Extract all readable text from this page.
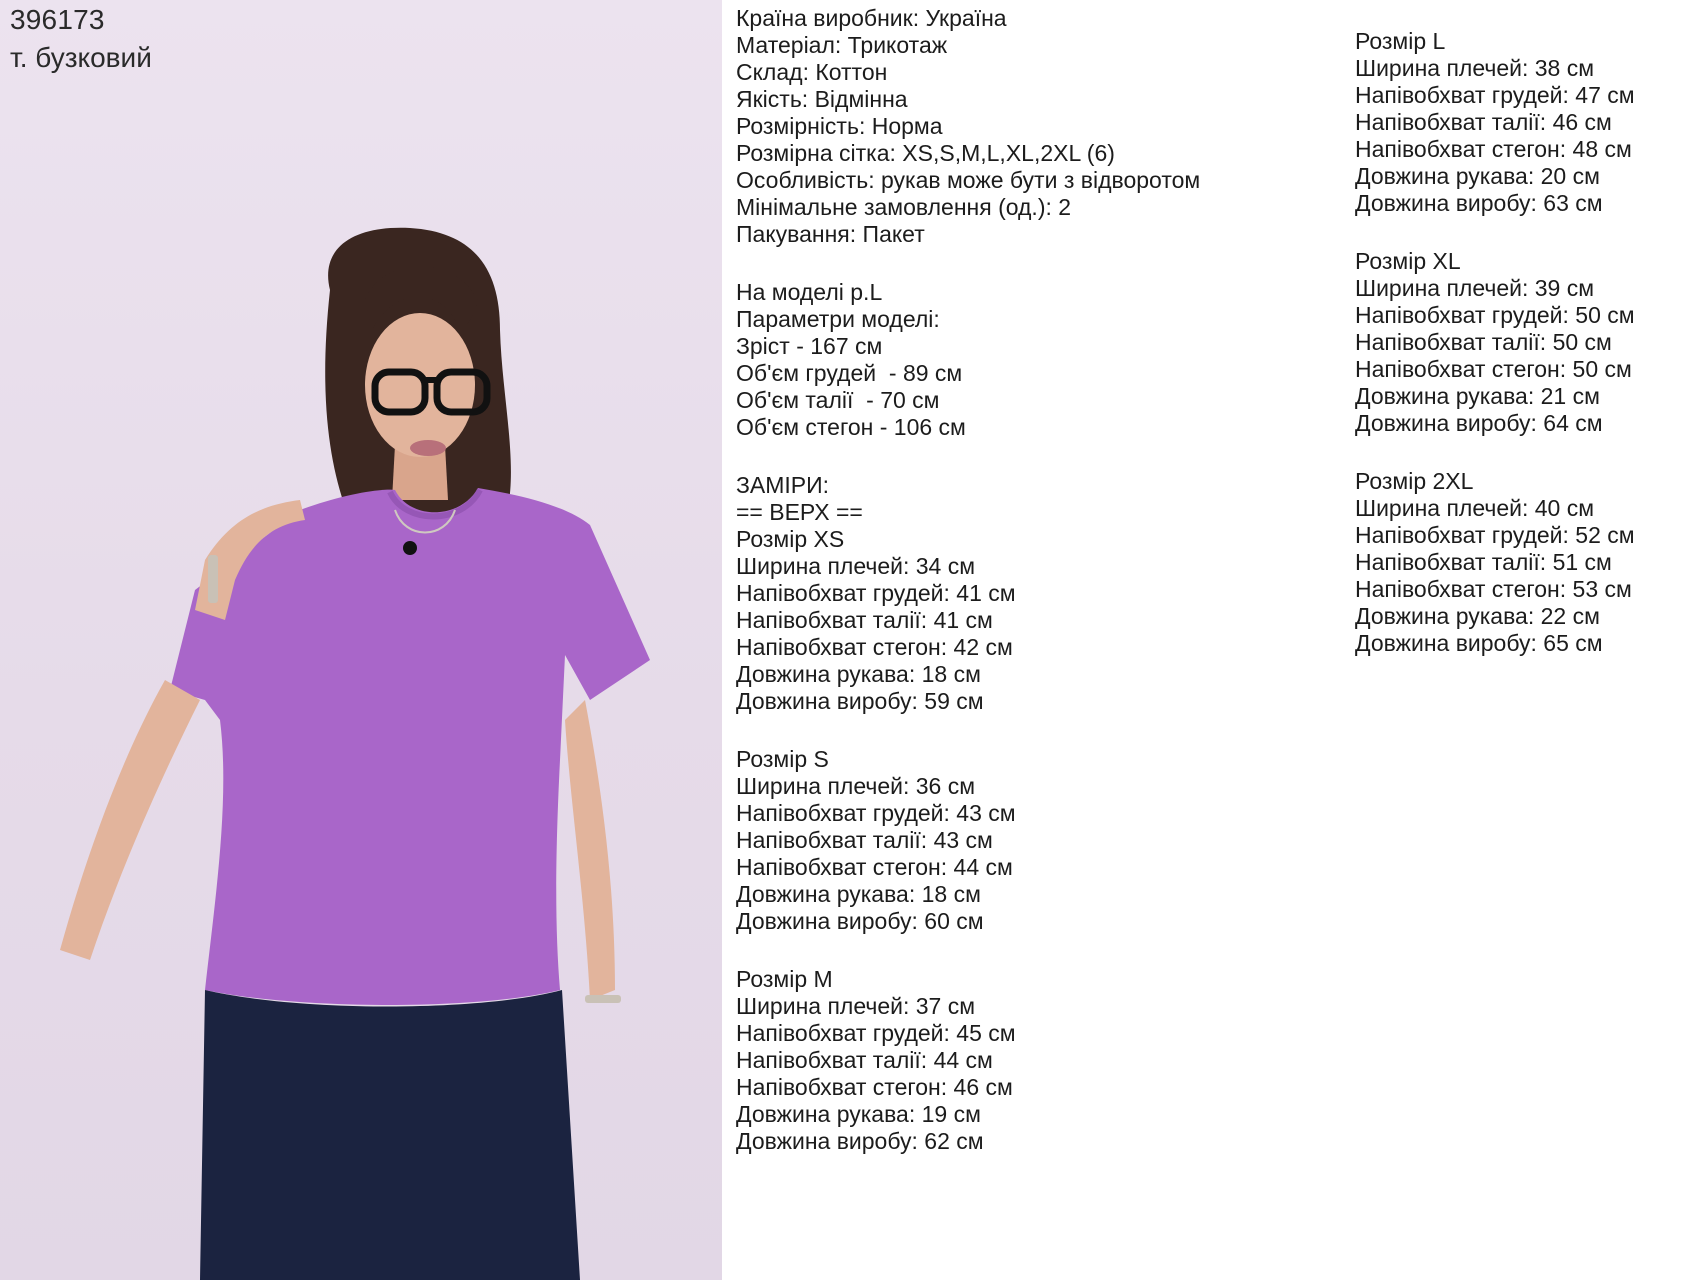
396173
т. бузковий
Країна виробник: Україна
Матеріал: Трикотаж
Склад: Коттон
Якість: Відмінна
Розмірність: Норма
Розмірна сітка: XS,S,M,L,XL,2XL (6)
Особливість: рукав може бути з відворотом
Мінімальне замовлення (од.): 2
Пакування: Пакет
На моделі р.L
Параметри моделі:
Зріст - 167 см
Об'єм грудей  - 89 см
Об'єм талії  - 70 см
Об'єм стегон - 106 см
ЗАМІРИ:
== ВЕРХ ==
Розмір XS
Ширина плечей: 34 см
Напівобхват грудей: 41 см
Напівобхват талії: 41 см
Напівобхват стегон: 42 см
Довжина рукава: 18 см
Довжина виробу: 59 см
Розмір S
Ширина плечей: 36 см
Напівобхват грудей: 43 см
Напівобхват талії: 43 см
Напівобхват стегон: 44 см
Довжина рукава: 18 см
Довжина виробу: 60 см
Розмір M
Ширина плечей: 37 см
Напівобхват грудей: 45 см
Напівобхват талії: 44 см
Напівобхват стегон: 46 см
Довжина рукава: 19 см
Довжина виробу: 62 см
Розмір L
Ширина плечей: 38 см
Напівобхват грудей: 47 см
Напівобхват талії: 46 см
Напівобхват стегон: 48 см
Довжина рукава: 20 см
Довжина виробу: 63 см
Розмір XL
Ширина плечей: 39 см
Напівобхват грудей: 50 см
Напівобхват талії: 50 см
Напівобхват стегон: 50 см
Довжина рукава: 21 см
Довжина виробу: 64 см
Розмір 2XL
Ширина плечей: 40 см
Напівобхват грудей: 52 см
Напівобхват талії: 51 см
Напівобхват стегон: 53 см
Довжина рукава: 22 см
Довжина виробу: 65 см
